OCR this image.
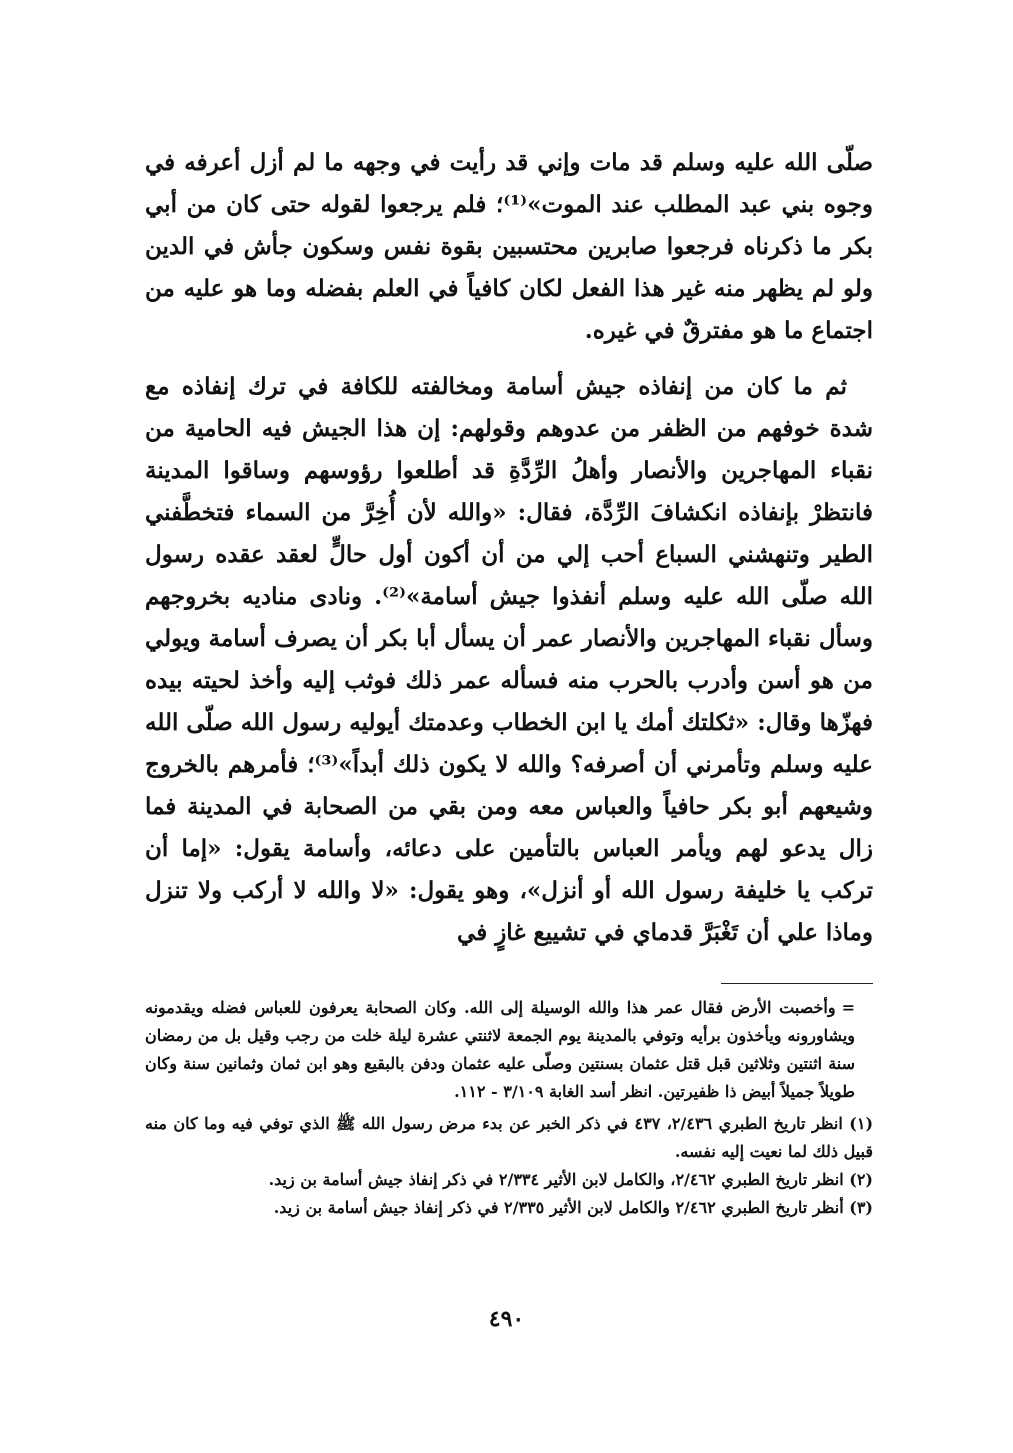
صلّى الله عليه وسلم قد مات وإني قد رأيت في وجهه ما لم أزل أعرفه في وجوه بني عبد المطلب عند الموت»⁽¹⁾؛ فلم يرجعوا لقوله حتى كان من أبي بكر ما ذكرناه فرجعوا صابرين محتسبين بقوة نفس وسكون جأش في الدين ولو لم يظهر منه غير هذا الفعل لكان كافياً في العلم بفضله وما هو عليه من اجتماع ما هو مفترقٌ في غيره.

ثم ما كان من إنفاذه جيش أسامة ومخالفته للكافة في ترك إنفاذه مع شدة خوفهم من الظفر من عدوهم وقولهم: إن هذا الجيش فيه الحامية من نقباء المهاجرين والأنصار وأهلُ الرِّدَّةِ قد أطلعوا رؤوسهم وساقوا المدينة فانتظرْ بإنفاذه انكشافَ الرِّدَّة، فقال: «والله لأن أُخِرَّ من السماء فتخطَّفني الطير وتنهشني السباع أحب إلي من أن أكون أول حالٍّ لعقد عقده رسول الله صلّى الله عليه وسلم أنفذوا جيش أسامة»⁽²⁾. ونادى مناديه بخروجهم وسأل نقباء المهاجرين والأنصار عمر أن يسأل أبا بكر أن يصرف أسامة ويولي من هو أسن وأدرب بالحرب منه فسأله عمر ذلك فوثب إليه وأخذ لحيته بيده فهزّها وقال: «ثكلتك أمك يا ابن الخطاب وعدمتك أيوليه رسول الله صلّى الله عليه وسلم وتأمرني أن أصرفه؟ والله لا يكون ذلك أبداً»⁽³⁾؛ فأمرهم بالخروج وشيعهم أبو بكر حافياً والعباس معه ومن بقي من الصحابة في المدينة فما زال يدعو لهم ويأمر العباس بالتأمين على دعائه، وأسامة يقول: «إما أن تركب يا خليفة رسول الله أو أنزل»، وهو يقول: «لا والله لا أركب ولا تنزل وماذا علي أن تَغْبَرَّ قدماي في تشييع غازٍ في

=وأخصبت الأرض فقال عمر هذا والله الوسيلة إلى الله. وكان الصحابة يعرفون للعباس فضله ويقدمونه ويشاورونه ويأخذون برأيه وتوفي بالمدينة يوم الجمعة لاثنتي عشرة ليلة خلت من رجب وقيل بل من رمضان سنة اثنتين وثلاثين قبل قتل عثمان بسنتين وصلّى عليه عثمان ودفن بالبقيع وهو ابن ثمان وثمانين سنة وكان طويلاً جميلاً أبيض ذا ظفيرتين. انظر أسد الغابة ٣/١٠٩ - ١١٢.

(١) انظر تاريخ الطبري ٢/٤٣٦، ٤٣٧ في ذكر الخبر عن بدء مرض رسول الله ﷺ الذي توفي فيه وما كان منه قبيل ذلك لما نعيت إليه نفسه.

(٢) انظر تاريخ الطبري ٢/٤٦٢، والكامل لابن الأثير ٢/٣٣٤ في ذكر إنفاذ جيش أسامة بن زيد.

(٣) أنظر تاريخ الطبري ٢/٤٦٢ والكامل لابن الأثير ٢/٣٣٥ في ذكر إنفاذ جيش أسامة بن زيد.

٤٩٠
